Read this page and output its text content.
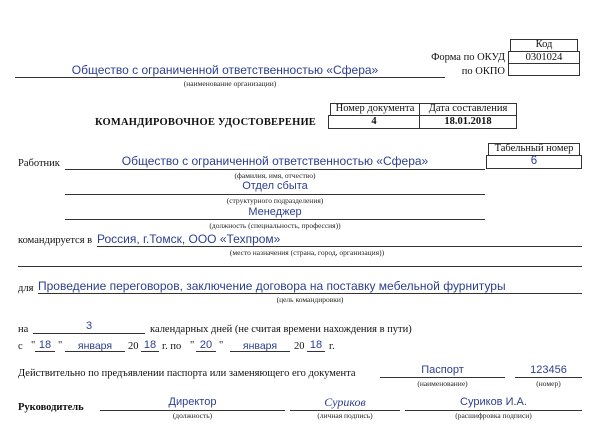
Код
0301024
Форма по ОКУД
по ОКПО
Общество с ограниченной ответственностью «Сфера»
(наименование организации)
КОМАНДИРОВОЧНОЕ УДОСТОВЕРЕНИЕ
Номер документа	Дата составления
4	18.01.2018
Табельный номер
6
Работник	Общество с ограниченной ответственностью «Сфера»
(фамилия, имя, отчество)
Отдел сбыта
(структурного подразделения)
Менеджер
(должность (специальность, профессия))
командируется в Россия, г.Томск, ООО «Техпром»
(место назначения (страна, город, организация))
для Проведение переговоров, заключение договора на поставку мебельной фурнитуры
(цель командировки)
на	3	календарных дней (не считая времени нахождения в пути)
с " 18 "	января	20 18 г. по " 20 "	января	20 18 г.
Действительно по предъявлении паспорта или заменяющего его документа	Паспорт
(наименование)
123456
(номер)
Руководитель	Директор
(должность)
Суриков
(личная подпись)
Суриков И.А.
(расшифровка подписи)
